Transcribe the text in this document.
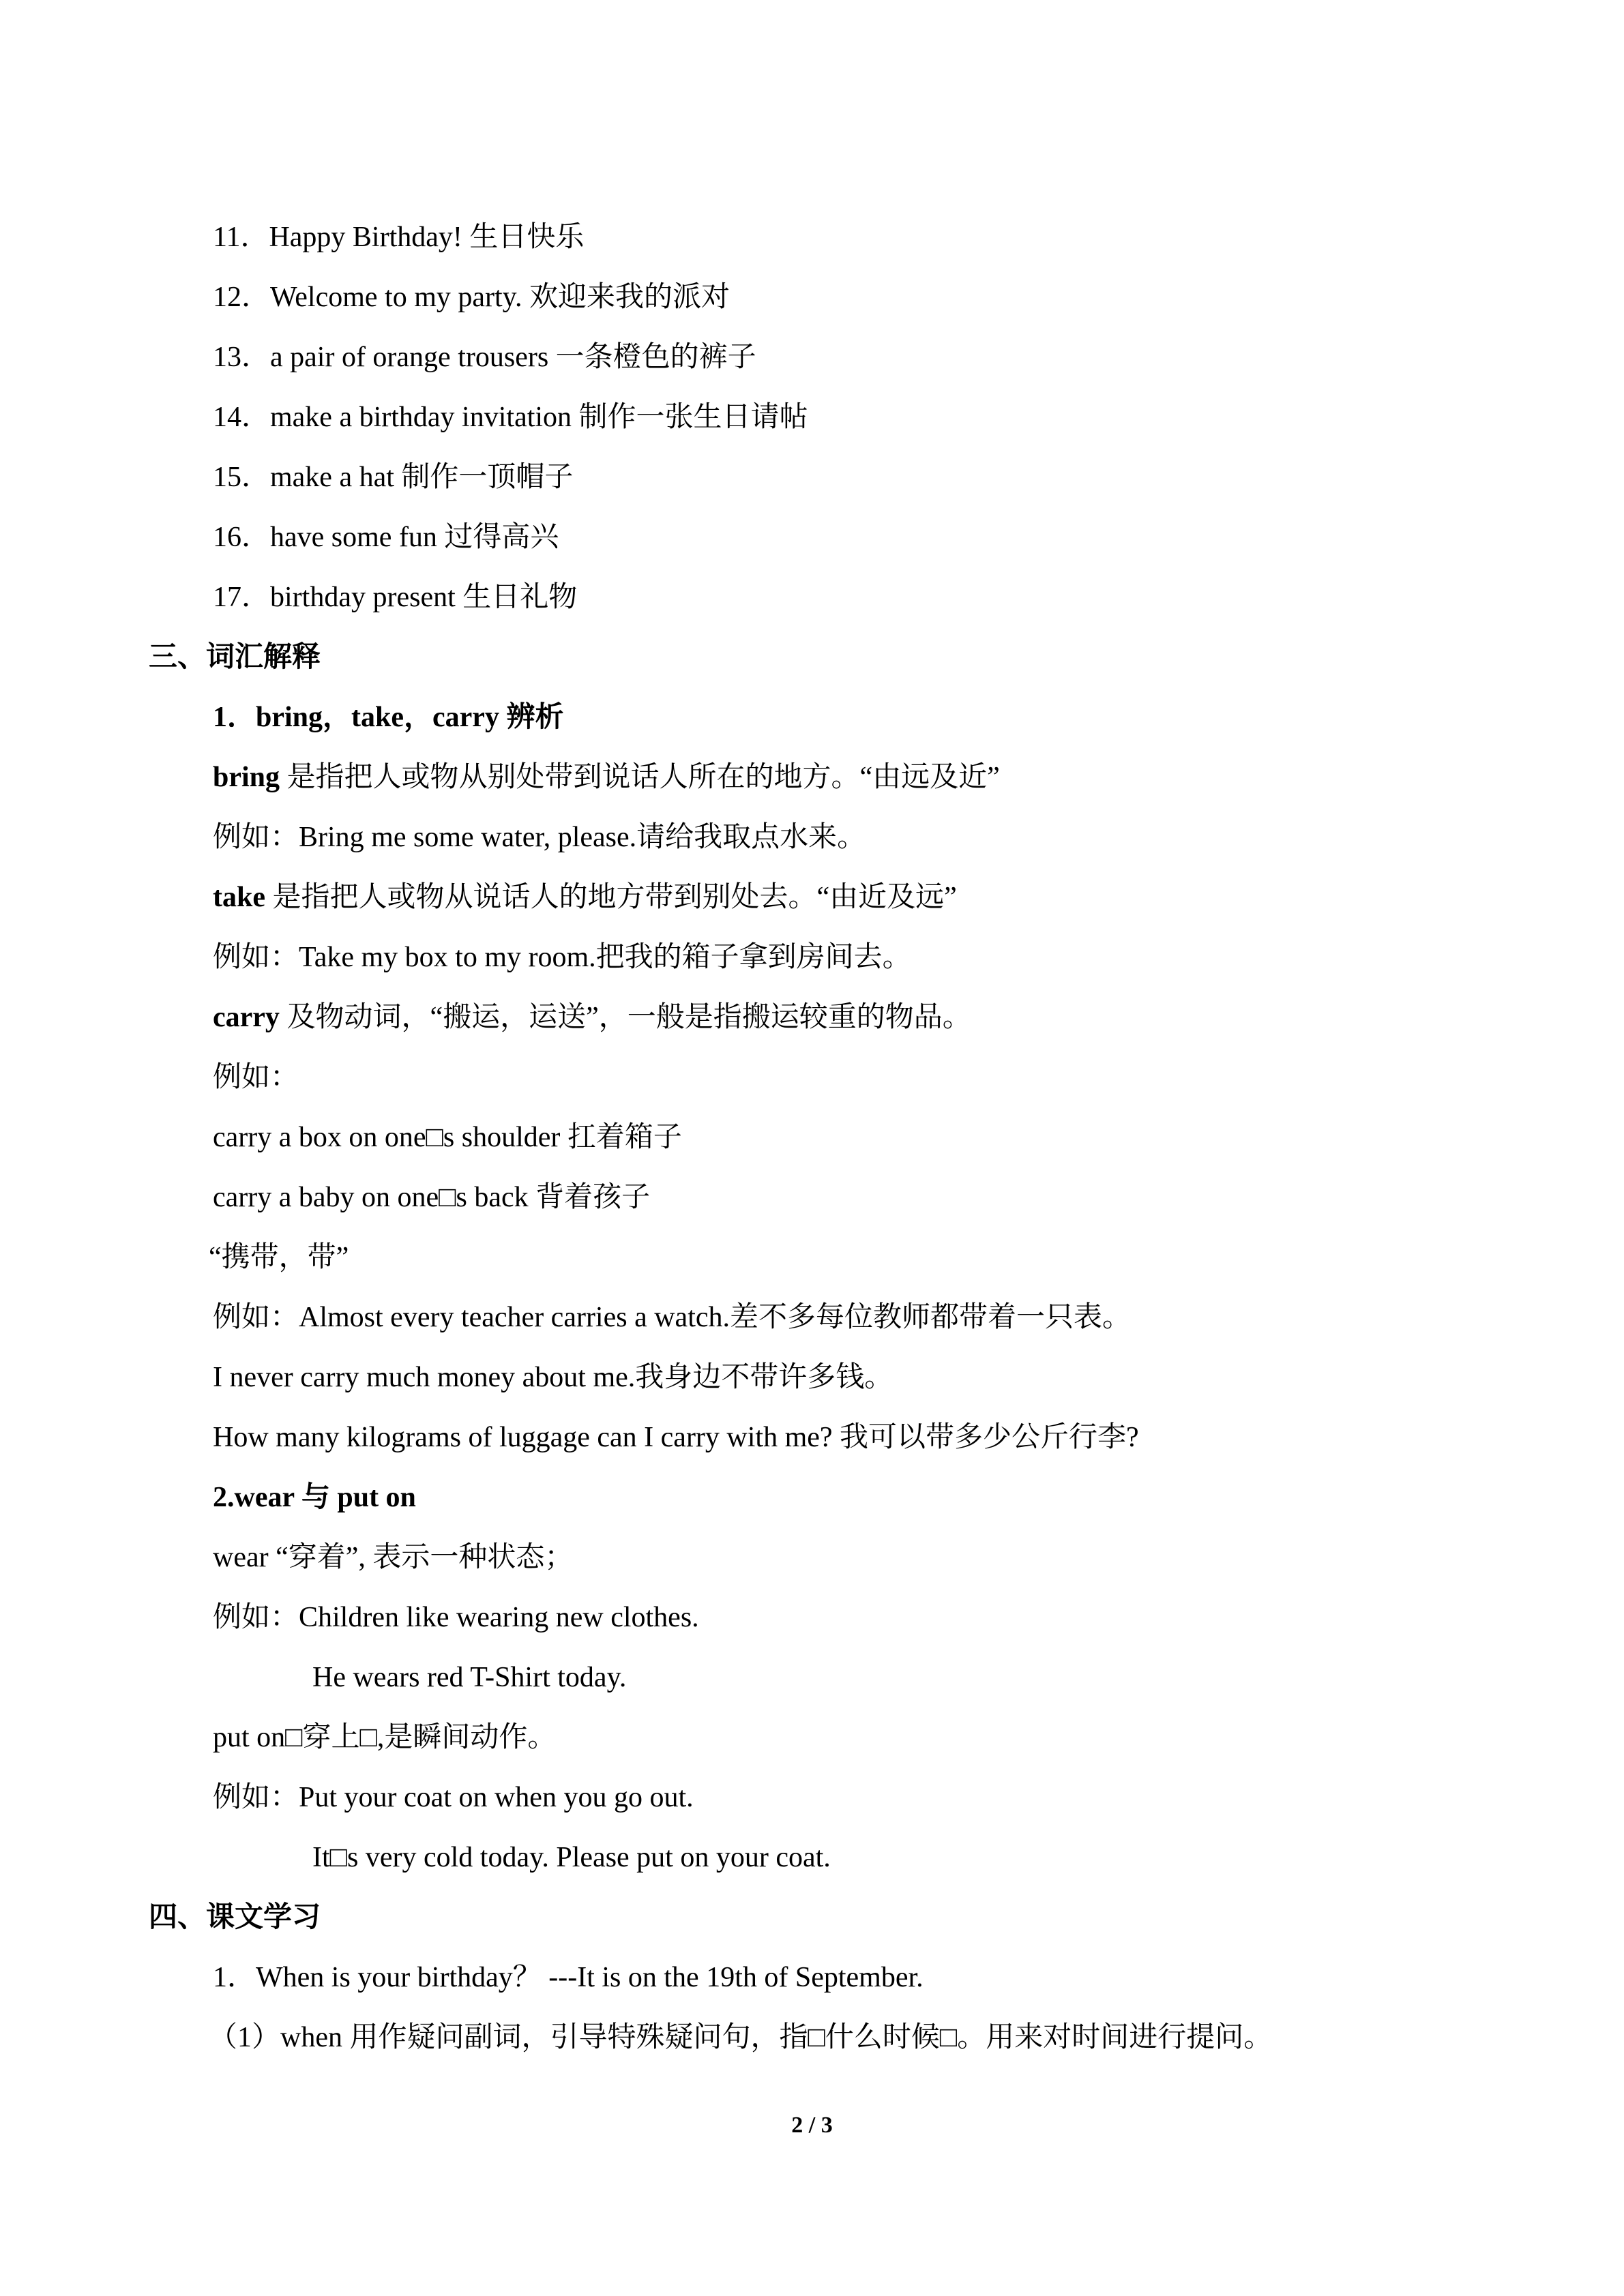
11．Happy Birthday! 生日快乐
12．Welcome to my party. 欢迎来我的派对
13．a pair of orange trousers 一条橙色的裤子
14．make a birthday invitation 制作一张生日请帖
15．make a hat 制作一顶帽子
16．have some fun 过得高兴
17．birthday present 生日礼物
三、词汇解释
1．bring，take，carry 辨析
bring 是指把人或物从别处带到说话人所在的地方。“由远及近”
例如：Bring me some water, please.请给我取点水来。
take 是指把人或物从说话人的地方带到别处去。“由近及远”
例如：Take my box to my room.把我的箱子拿到房间去。
carry 及物动词，“搬运，运送”，一般是指搬运较重的物品。
例如：
carry a box on one□s shoulder 扛着箱子
carry a baby on one□s back 背着孩子
“携带，带”
例如：Almost every teacher carries a watch.差不多每位教师都带着一只表。
I never carry much money about me.我身边不带许多钱。
How many kilograms of luggage can I carry with me? 我可以带多少公斤行李?
2.wear 与 put on
wear “穿着”, 表示一种状态；
例如：Children like wearing new clothes.
He wears red T-Shirt today.
put on□穿上□,是瞬间动作。
例如：Put your coat on when you go out.
It□s very cold today. Please put on your coat.
四、课文学习
1．When is your birthday？ ---It is on the 19th of September.
（1）when 用作疑问副词，引导特殊疑问句，指□什么时候□。用来对时间进行提问。
2 / 3
